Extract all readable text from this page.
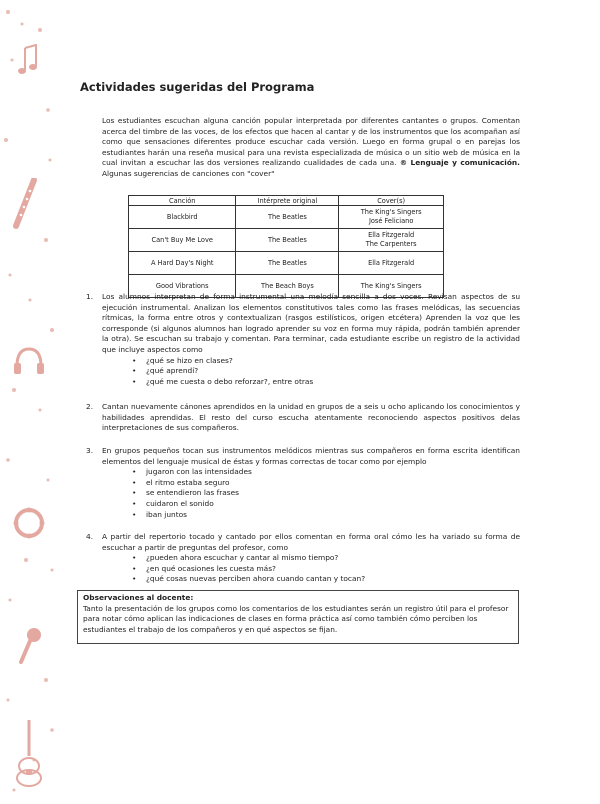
Actividades sugeridas del Programa
Los estudiantes escuchan alguna canción popular interpretada por diferentes cantantes o grupos. Comentan acerca del timbre de las voces, de los efectos que hacen al cantar y de los instrumentos que los acompañan así como que sensaciones diferentes produce escuchar cada versión. Luego en forma grupal o en parejas los estudiantes harán una reseña musical para una revista especializada de música o un sitio web de música en la cual invitan a escuchar las dos versiones realizando cualidades de cada una. ® Lenguaje y comunicación. Algunas sugerencias de canciones con "cover"
Canción	Intérprete original	Cover(s)
Blackbird	The Beatles	The King's Singers
José Feliciano

Can't Buy Me Love	The Beatles	Ella Fitzgerald
The Carpenters

A Hard Day's Night	The Beatles	Ella Fitzgerald

Good Vibrations	The Beach Boys	The King's Singers
1. Los alumnos interpretan de forma instrumental una melodía sencilla a dos voces. Revisan aspectos de su ejecución instrumental. Analizan los elementos constitutivos tales como las frases melódicas, las secuencias rítmicas, la forma entre otros y contextualizan (rasgos estilísticos, origen etcétera) Aprenden la voz que les corresponde (si algunos alumnos han logrado aprender su voz en forma muy rápida, podrán también aprender la otra). Se escuchan su trabajo y comentan. Para terminar, cada estudiante escribe un registro de la actividad que incluye aspectos como
• ¿qué se hizo en clases?
• ¿qué aprendí?
• ¿qué me cuesta o debo reforzar?, entre otras
2. Cantan nuevamente cánones aprendidos en la unidad en grupos de a seis u ocho aplicando los conocimientos y habilidades aprendidas. El resto del curso escucha atentamente reconociendo aspectos positivos delas interpretaciones de sus compañeros.
3. En grupos pequeños tocan sus instrumentos melódicos mientras sus compañeros en forma escrita identifican elementos del lenguaje musical de éstas y formas correctas de tocar como por ejemplo
• jugaron con las intensidades
• el ritmo estaba seguro
• se entendieron las frases
• cuidaron el sonido
• iban juntos
4. A partir del repertorio tocado y cantado por ellos comentan en forma oral cómo les ha variado su forma de escuchar a partir de preguntas del profesor, como
• ¿pueden ahora escuchar y cantar al mismo tiempo?
• ¿en qué ocasiones les cuesta más?
• ¿qué cosas nuevas perciben ahora cuando cantan y tocan?
Observaciones al docente:
Tanto la presentación de los grupos como los comentarios de los estudiantes serán un registro útil para el profesor para notar cómo aplican las indicaciones de clases en forma práctica así como también cómo perciben los estudiantes el trabajo de los compañeros y en qué aspectos se fijan.
